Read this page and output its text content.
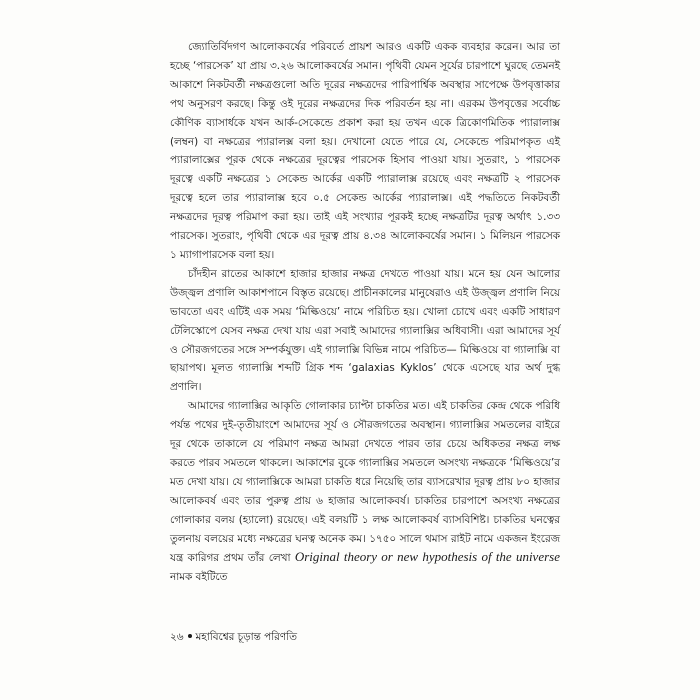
জ্যোতির্বিদগণ আলোকবর্ষের পরিবর্তে প্রায়শ আরও একটি একক ব্যবহার করেন। আর তা হচ্ছে ‘পারসেক’ যা প্রায় ৩.২৬ আলোকবর্ষের সমান। পৃথিবী যেমন সূর্যের চারপাশে ঘুরছে তেমনই আকাশে নিকটবর্তী নক্ষত্রগুলো অতি দূরের নক্ষত্রদের পারিপার্শ্বিক অবস্থার সাপেক্ষে উপবৃত্তাকার পথ অনুসরণ করছে। কিন্তু ওই দূরের নক্ষত্রদের দিক পরিবর্তন হয় না। এরকম উপবৃত্তের সর্বোচ্চ কৌণিক ব্যাসার্ধকে যখন আর্ক-সেকেন্ডে প্রকাশ করা হয় তখন একে ত্রিকোণমিতিক প্যারালাক্স (লম্বন) বা নক্ষত্রের প্যারালক্স বলা হয়। দেখানো যেতে পারে যে, সেকেন্ডে পরিমাপকৃত এই প্যারালাক্সের পূরক থেকে নক্ষত্রের দূরত্বের পারসেক হিসাব পাওয়া যায়। সুতরাং, ১ পারসেক দূরত্বে একটি নক্ষত্রের ১ সেকেন্ড আর্কের একটি প্যারালাক্স রয়েছে এবং নক্ষত্রটি ২ পারসেক দূরত্বে হলে তার প্যারালাক্স হবে ০.৫ সেকেন্ড আর্কের প্যারালাক্স। এই পদ্ধতিতে নিকটবর্তী নক্ষত্রদের দূরত্ব পরিমাপ করা হয়। তাই এই সংখ্যার পূরকই হচ্ছে নক্ষত্রটির দূরত্ব অর্থাৎ ১.৩৩ পারসেক। সুতরাং, পৃথিবী থেকে এর দূরত্ব প্রায় ৪.৩৪ আলোকবর্ষের সমান। ১ মিলিয়ন পারসেক ১ ম্যাগাপারসেক বলা হয়।

চাঁদহীন রাতের আকাশে হাজার হাজার নক্ষত্র দেখতে পাওয়া যায়। মনে হয় যেন আলোর উজ্জ্বল প্রণালি আকাশপানে বিস্তৃত রয়েছে। প্রাচীনকালের মানুষেরাও এই উজ্জ্বল প্রণালি নিয়ে ভাবতো এবং এটিই এক সময় ‘মিল্কিওয়ে’ নামে পরিচিত হয়। খোলা চোখে এবং একটি সাধারণ টেলিস্কোপে যেসব নক্ষত্র দেখা যায় এরা সবাই আমাদের গ্যালাক্সির অধিবাসী। এরা আমাদের সূর্য ও সৌরজগতের সঙ্গে সম্পর্কযুক্ত। এই গ্যালাক্সি বিভিন্ন নামে পরিচিত— মিল্কিওয়ে বা গ্যালাক্সি বা ছায়াপথ। মূলত গ্যালাক্সি শব্দটি গ্রিক শব্দ ‘galaxias Kyklos’ থেকে এসেছে যার অর্থ দুগ্ধ প্রণালি।

আমাদের গ্যালাক্সির আকৃতি গোলাকার চ্যাপ্টা চাকতির মত। এই চাকতির কেন্দ্র থেকে পরিধি পর্যন্ত পথের দুই-তৃতীয়াংশে আমাদের সূর্য ও সৌরজগতের অবস্থান। গ্যালাক্সির সমতলের বাইরে দূর থেকে তাকালে যে পরিমাণ নক্ষত্র আমরা দেখতে পারব তার চেয়ে অধিকতর নক্ষত্র লক্ষ করতে পারব সমতলে থাকলে। আকাশের বুকে গ্যালাক্সির সমতলে অসংখ্য নক্ষত্রকে ‘মিল্কিওয়ে’র মত দেখা যায়। যে গ্যালাক্সিকে আমরা চাকতি ধরে নিয়েছি তার ব্যাসরেখার দূরত্ব প্রায় ৮০ হাজার আলোকবর্ষ এবং তার পুরুত্ব প্রায় ৬ হাজার আলোকবর্ষ। চাকতির চারপাশে অসংখ্য নক্ষত্রের গোলাকার বলয় (হ্যালো) রয়েছে। এই বলয়টি ১ লক্ষ আলোকবর্ষ ব্যাসবিশিষ্ট। চাকতির ঘনত্বের তুলনায় বলয়ের মধ্যে নক্ষত্রের ঘনত্ব অনেক কম। ১৭৫০ সালে থমাস রাইট নামে একজন ইংরেজ যন্ত্র কারিগর প্রথম তাঁর লেখা Original theory or new hypothesis of the universe নামক বইটিতে

২৬ মহাবিশ্বের চূড়ান্ত পরিণতি
